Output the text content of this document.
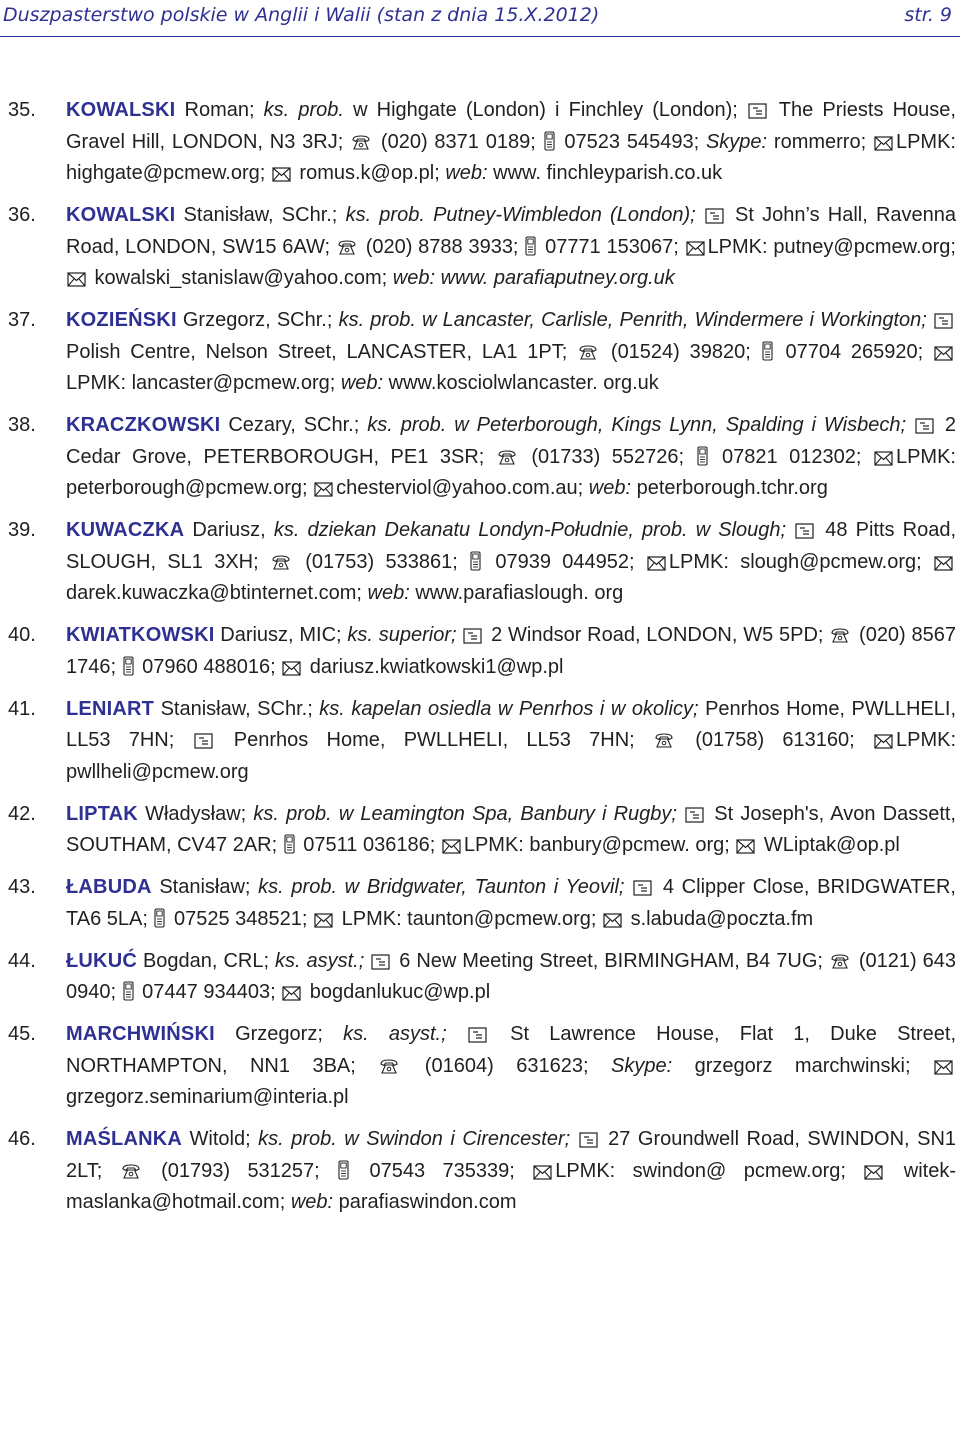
Duszpasterstwo polskie w Anglii i Walii (stan z dnia 15.X.2012)	str. 9
35. KOWALSKI Roman; ks. prob. w Highgate (London) i Finchley (London);
The Priests House, Gravel Hill, LONDON, N3 3RJ;
(020) 8371 0189;
07523 545493; Skype: rommerro;
LPMK: highgate@pcmew.org;
romus.k@op.pl; web: www. finchleyparish.co.uk
36. KOWALSKI Stanisław, SChr.; ks. prob. Putney-Wimbledon (London);
St John’s Hall, Ravenna Road, LONDON, SW15 6AW;
(020) 8788 3933;
07771 153067;
LPMK: putney@pcmew.org;
kowalski_stanislaw@yahoo.com; web: www. parafiaputney.org.uk
37. KOZIEŃSKI Grzegorz, SChr.; ks. prob. w Lancaster, Carlisle, Penrith, Windermere i Workington;
Polish Centre, Nelson Street, LANCASTER, LA1 1PT;
(01524) 39820;
07704 265920;
LPMK: lancaster@pcmew.org; web: www.kosciolwlancaster. org.uk
38. KRACZKOWSKI Cezary, SChr.; ks. prob. w Peterborough, Kings Lynn, Spalding i Wisbech;
2 Cedar Grove, PETERBOROUGH, PE1 3SR;
(01733) 552726;
07821 012302;
LPMK: peterborough@pcmew.org;
chesterviol@yahoo.com.au; web: peterborough.tchr.org
39. KUWACZKA Dariusz, ks. dziekan Dekanatu Londyn-Południe, prob. w Slough;
48 Pitts Road, SLOUGH, SL1 3XH;
(01753) 533861;
07939 044952;
LPMK: slough@pcmew.org;
darek.kuwaczka@btinternet.com; web: www.parafiaslough. org
40. KWIATKOWSKI Dariusz, MIC; ks. superior;
2 Windsor Road, LONDON, W5 5PD;
(020) 8567 1746;
07960 488016;
dariusz.kwiatkowski1@wp.pl
41. LENIART Stanisław, SChr.; ks. kapelan osiedla w Penrhos i w okolicy; Penrhos Home, PWLLHELI, LL53 7HN;
Penrhos Home, PWLLHELI, LL53 7HN;
(01758) 613160;
LPMK: pwllheli@pcmew.org
42. LIPTAK Władysław; ks. prob. w Leamington Spa, Banbury i Rugby;
St Joseph's, Avon Dassett, SOUTHAM, CV47 2AR;
07511 036186;
LPMK: banbury@pcmew. org;
WLiptak@op.pl
43. ŁABUDA Stanisław; ks. prob. w Bridgwater, Taunton i Yeovil;
4 Clipper Close, BRIDGWATER, TA6 5LA;
07525 348521;
LPMK: taunton@pcmew.org;
s.labuda@poczta.fm
44. ŁUKUĆ Bogdan, CRL; ks. asyst.;
6 New Meeting Street, BIRMINGHAM, B4 7UG;
(0121) 643 0940;
07447 934403;
bogdanlukuc@wp.pl
45. MARCHWIŃSKI Grzegorz; ks. asyst.;
St Lawrence House, Flat 1, Duke Street, NORTHAMPTON, NN1 3BA;
(01604) 631623; Skype: grzegorz marchwinski;
grzegorz.seminarium@interia.pl
46. MAŚLANKA Witold; ks. prob. w Swindon i Cirencester;
27 Groundwell Road, SWINDON, SN1 2LT;
(01793) 531257;
07543 735339;
LPMK: swindon@ pcmew.org;
witek-maslanka@hotmail.com; web: parafiaswindon.com
